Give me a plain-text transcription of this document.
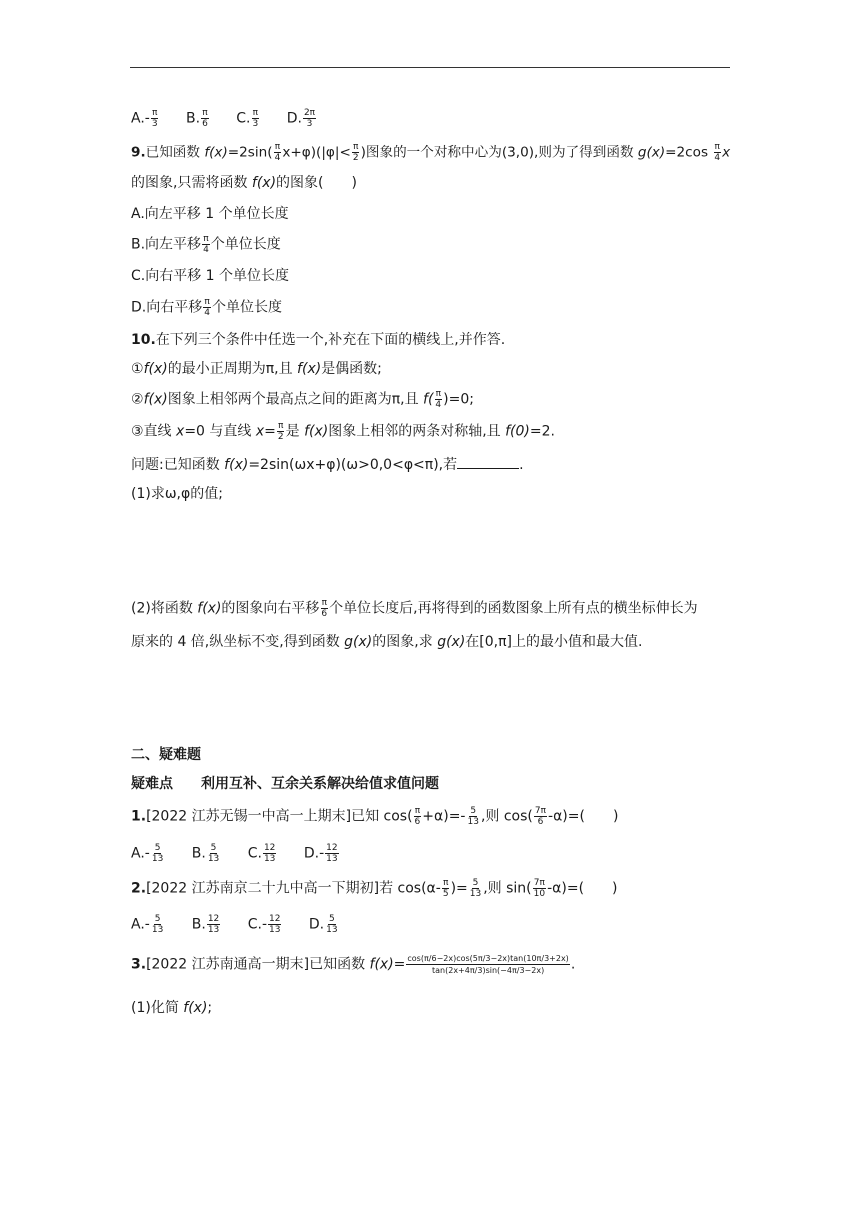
$A.- \frac{\pi}{3} B$. $\frac{\pi}{6} C$. $\frac{\pi}{3} D$. $\frac{2\pi}{3}$
9.已知函数 $f(x)=2\sin( \frac{\pi}{4} x+\varphi)(|\varphi|< \frac{\pi}{2}$ )图象的一个对称中心为(3,0),则为了得到函数 $g(x)=2\cos \frac{\pi}{4}$ x
的图象,只需将函数 f(x)的图象(　　)
A.向左平移 1 个单位长度
B.向左平移 $\frac{\pi}{4}$ 个单位长度
C.向右平移 1 个单位长度
D.向右平移 $\frac{\pi}{4}$ 个单位长度
10.在下列三个条件中任选一个,补充在下面的横线上,并作答.
①f(x)的最小正周期为π,且 f(x)是偶函数;
②f(x)图象上相邻两个最高点之间的距离为π,且 $f( \frac{\pi}{4} )=0$;
③直线 x=0 与直线 $x= \frac{\pi}{2}$ 是 f(x)图象上相邻的两条对称轴,且 f(0)=2.
问题:已知函数 f(x)=2sin(ωx+φ)(ω>0,0<φ<π),若	.
(1)求ω,φ的值;
(2)将函数 f(x)的图象向右平移 $\frac{\pi}{6}$ 个单位长度后,再将得到的函数图象上所有点的横坐标伸长为
原来的 4 倍,纵坐标不变,得到函数 g(x)的图象,求 g(x)在[0,π]上的最小值和最大值.
二、疑难题
疑难点　　利用互补、互余关系解决给值求值问题
1.[2022 江苏无锡一中高一上期末]已知 $\cos( \frac{\pi}{6} +\alpha)=- \frac{5}{13}$ ,则 $\cos( \frac{7\pi}{6} -\alpha)=$(　　)
$A.- \frac{5}{13} B$. $\frac{5}{13} C$. $\frac{12}{13} D.- \frac{12}{13}$
2.[2022 江苏南京二十九中高一下期初]若 $\cos(\alpha- \frac{\pi}{5}$ )= $\frac{5}{13}$ ,则 $\sin( \frac{7\pi}{10} -\alpha)=$(　　)
$A.- \frac{5}{13} B$. $\frac{12}{13} C.- \frac{12}{13} D$. $\frac{5}{13}$
3.[2022 江苏南通高一期末]已知函数 $f(x)= \frac{\cos(\pi/6-2x)\cos(5\pi/3-2x)\tan(10\pi/3+2x)}{\tan(2x+4\pi/3)\sin(-4\pi/3-2x)}$ .
(1)化简 f(x);
